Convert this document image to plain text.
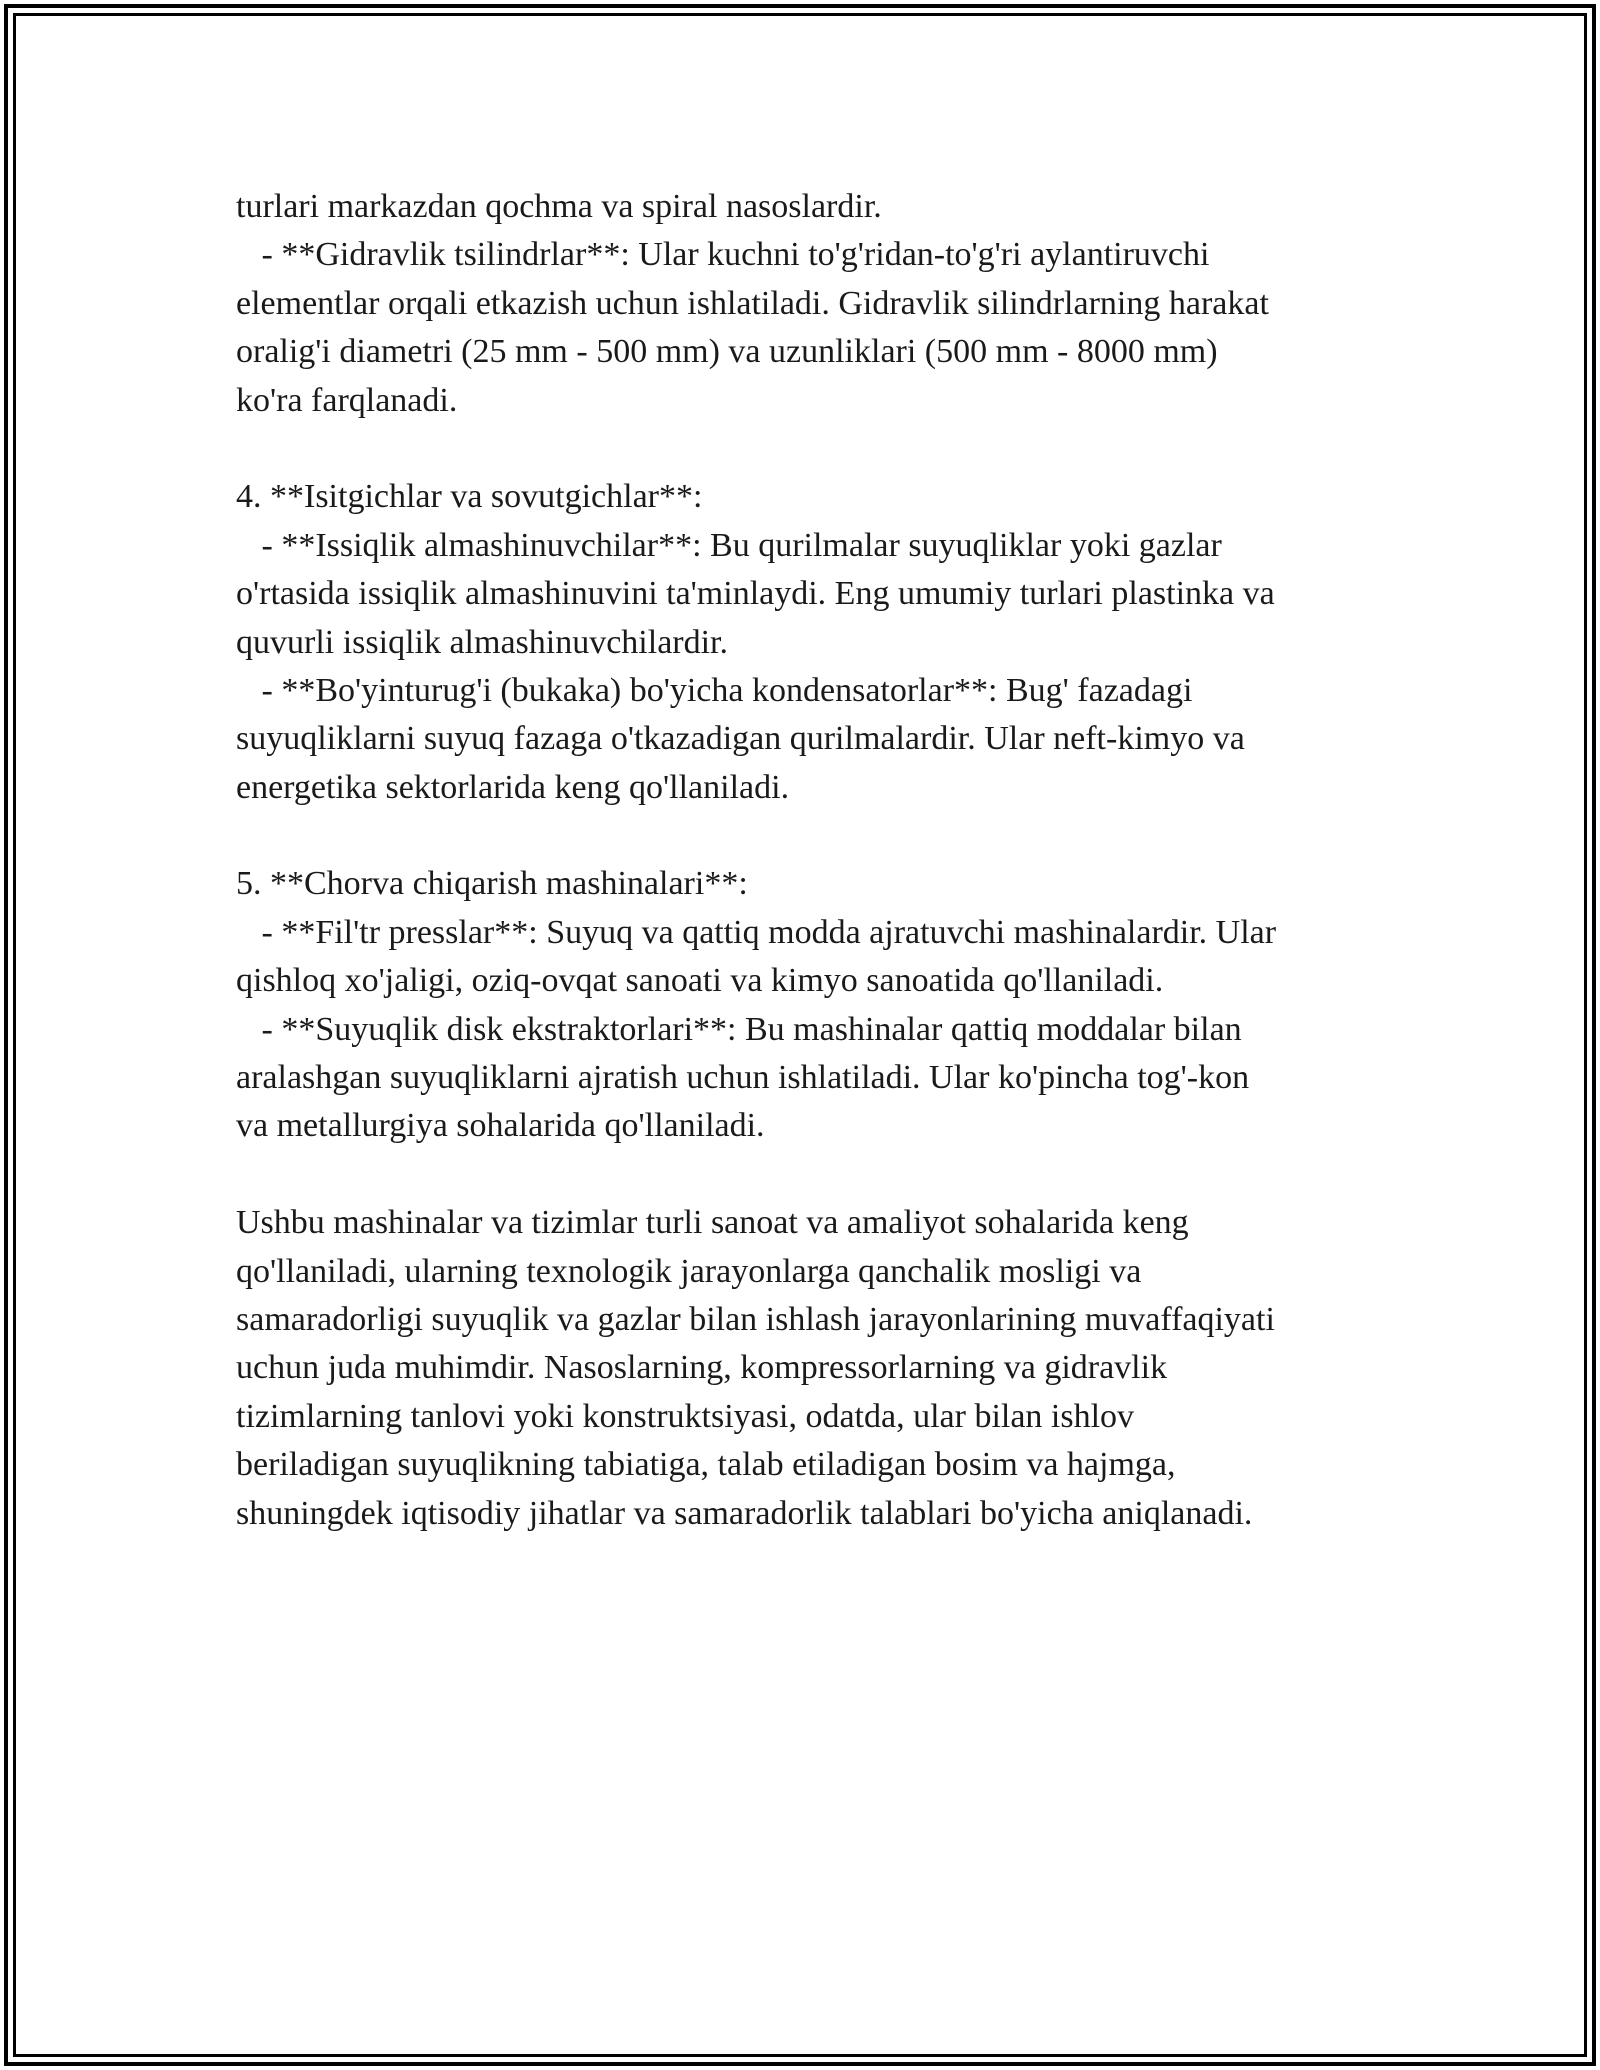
turlari markazdan qochma va spiral nasoslardir.
- **Gidravlik tsilindrlar**: Ular kuchni to'g'ridan-to'g'ri aylantiruvchi
elementlar orqali etkazish uchun ishlatiladi. Gidravlik silindrlarning harakat
oralig'i diametri (25 mm - 500 mm) va uzunliklari (500 mm - 8000 mm)
ko'ra farqlanadi.
4. **Isitgichlar va sovutgichlar**:
- **Issiqlik almashinuvchilar**: Bu qurilmalar suyuqliklar yoki gazlar
o'rtasida issiqlik almashinuvini ta'minlaydi. Eng umumiy turlari plastinka va
quvurli issiqlik almashinuvchilardir.
- **Bo'yinturug'i (bukaka) bo'yicha kondensatorlar**: Bug' fazadagi
suyuqliklarni suyuq fazaga o'tkazadigan qurilmalardir. Ular neft-kimyo va
energetika sektorlarida keng qo'llaniladi.
5. **Chorva chiqarish mashinalari**:
- **Fil'tr presslar**: Suyuq va qattiq modda ajratuvchi mashinalardir. Ular
qishloq xo'jaligi, oziq-ovqat sanoati va kimyo sanoatida qo'llaniladi.
- **Suyuqlik disk ekstraktorlari**: Bu mashinalar qattiq moddalar bilan
aralashgan suyuqliklarni ajratish uchun ishlatiladi. Ular ko'pincha tog'-kon
va metallurgiya sohalarida qo'llaniladi.
Ushbu mashinalar va tizimlar turli sanoat va amaliyot sohalarida keng
qo'llaniladi, ularning texnologik jarayonlarga qanchalik mosligi va
samaradorligi suyuqlik va gazlar bilan ishlash jarayonlarining muvaffaqiyati
uchun juda muhimdir. Nasoslarning, kompressorlarning va gidravlik
tizimlarning tanlovi yoki konstruktsiyasi, odatda, ular bilan ishlov
beriladigan suyuqlikning tabiatiga, talab etiladigan bosim va hajmga,
shuningdek iqtisodiy jihatlar va samaradorlik talablari bo'yicha aniqlanadi.
